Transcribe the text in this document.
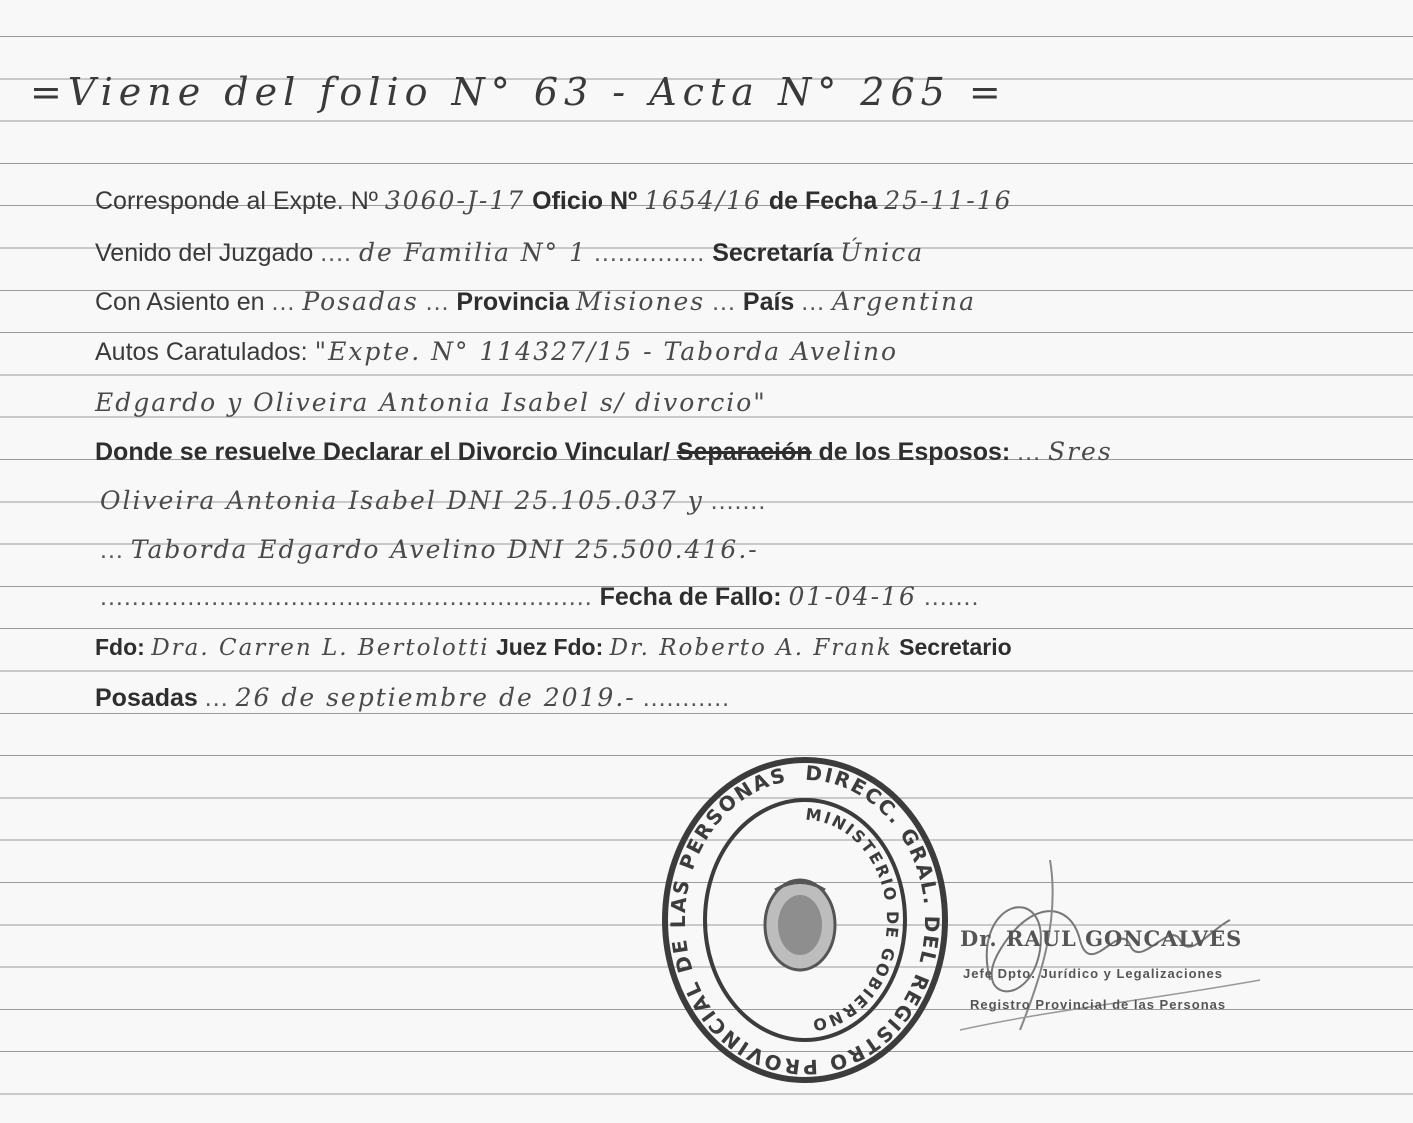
=Viene del folio N° 63 - Acta N° 265 =
Corresponde al Expte. Nº 3060-J-17 Oficio Nº 1654/16 de Fecha 25-11-16
Venido del Juzgado .... de Familia N° 1 .............. Secretaría Única
Con Asiento en ... Posadas ... Provincia Misiones ... País ... Argentina
Autos Caratulados: "Expte. N° 114327/15 - Taborda Avelino
Edgardo y Oliveira Antonia Isabel s/ divorcio"
Donde se resuelve Declarar el Divorcio Vincular/ Separación de los Esposos: ... Sres
Oliveira Antonia Isabel DNI 25.105.037 y .......
... Taborda Edgardo Avelino DNI 25.500.416.-
.............................................................. Fecha de Fallo: 01-04-16 .......
Fdo: Dra. Carren L. Bertolotti Juez Fdo: Dr. Roberto A. Frank Secretario
Posadas ... 26 de septiembre de 2019.- ...........
DIRECC. GRAL. DEL REGISTRO PROVINCIAL DE LAS PERSONAS
MINISTERIO DE GOBIERNO
Dr. RAUL GONCALVES
Jefe Dpto. Jurídico y Legalizaciones
Registro Provincial de las Personas
